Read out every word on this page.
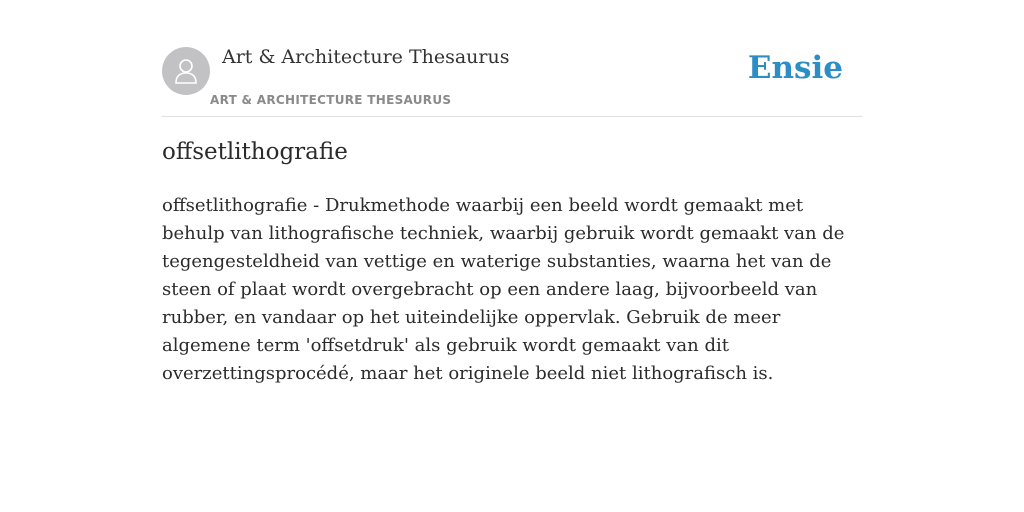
Art & Architecture Thesaurus
ART & ARCHITECTURE THESAURUS
Ensie
offsetlithografie

offsetlithografie - Drukmethode waarbij een beeld wordt gemaakt met behulp van lithografische techniek, waarbij gebruik wordt gemaakt van de tegengesteldheid van vettige en waterige substanties, waarna het van de steen of plaat wordt overgebracht op een andere laag, bijvoorbeeld van rubber, en vandaar op het uiteindelijke oppervlak. Gebruik de meer algemene term 'offsetdruk' als gebruik wordt gemaakt van dit overzettingsprocédé, maar het originele beeld niet lithografisch is.
